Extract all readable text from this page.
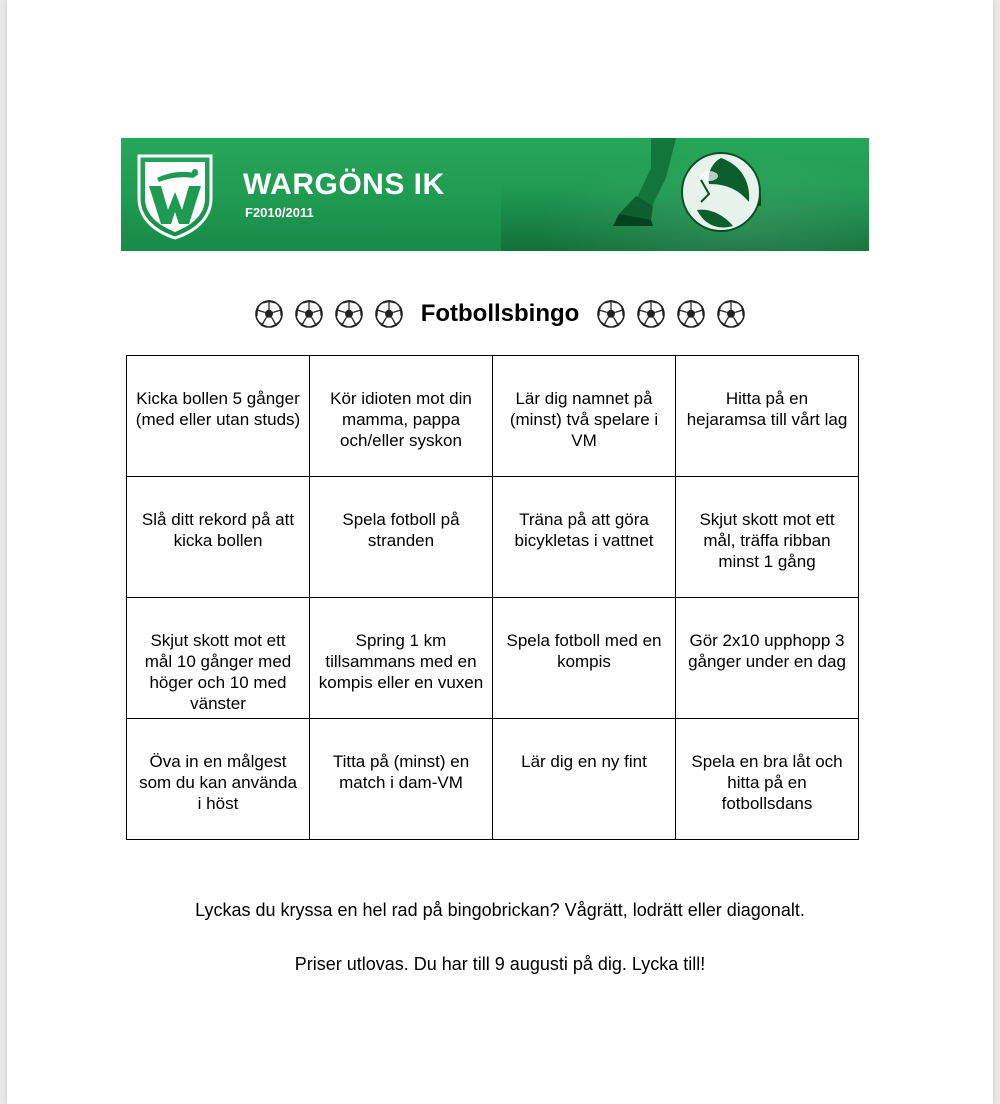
WARGÖNS IK
F2010/2011
Fotbollsbingo
Kicka bollen 5 gånger (med eller utan studs)	Kör idioten mot din mamma, pappa och/eller syskon	Lär dig namnet på (minst) två spelare i VM	Hitta på en hejaramsa till vårt lag
Slå ditt rekord på att kicka bollen	Spela fotboll på stranden	Träna på att göra bicykletas i vattnet	Skjut skott mot ett mål, träffa ribban minst 1 gång
Skjut skott mot ett mål 10 gånger med höger och 10 med vänster	Spring 1 km tillsammans med en kompis eller en vuxen	Spela fotboll med en kompis	Gör 2x10 upphopp 3 gånger under en dag
Öva in en målgest som du kan använda i höst	Titta på (minst) en match i dam-VM	Lär dig en ny fint	Spela en bra låt och hitta på en fotbollsdans
Lyckas du kryssa en hel rad på bingobrickan? Vågrätt, lodrätt eller diagonalt.
Priser utlovas. Du har till 9 augusti på dig. Lycka till!
